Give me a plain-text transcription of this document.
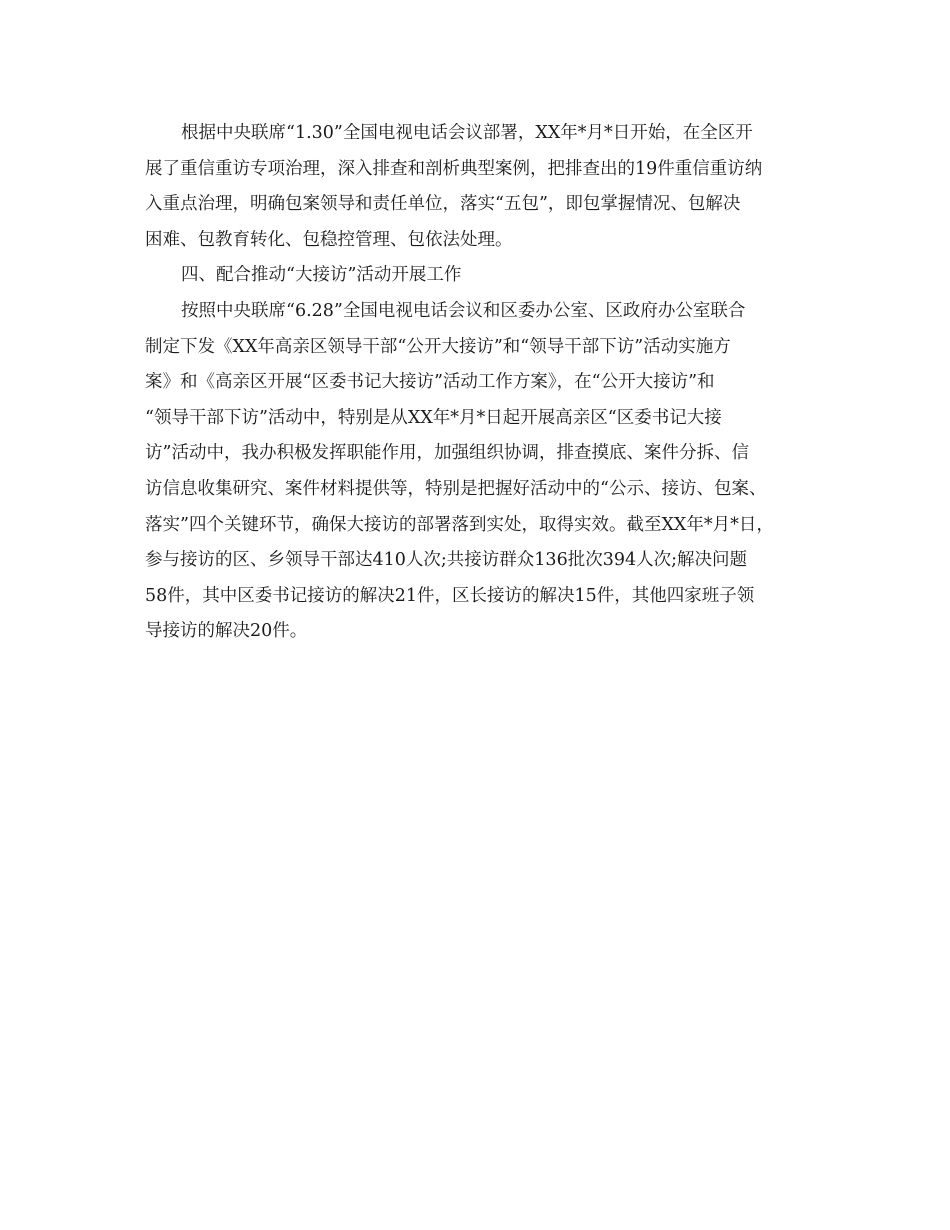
根据中央联席“1.30”全国电视电话会议部署，XX年*月*日开始，在全区开
展了重信重访专项治理，深入排查和剖析典型案例，把排查出的19件重信重访纳
入重点治理，明确包案领导和责任单位，落实“五包”，即包掌握情况、包解决
困难、包教育转化、包稳控管理、包依法处理。
四、配合推动“大接访”活动开展工作
按照中央联席“6.28”全国电视电话会议和区委办公室、区政府办公室联合
制定下发《XX年高亲区领导干部“公开大接访”和“领导干部下访”活动实施方
案》和《高亲区开展“区委书记大接访”活动工作方案》，在“公开大接访”和
“领导干部下访”活动中，特别是从XX年*月*日起开展高亲区“区委书记大接
访”活动中，我办积极发挥职能作用，加强组织协调，排查摸底、案件分拆、信
访信息收集研究、案件材料提供等，特别是把握好活动中的“公示、接访、包案、
落实”四个关键环节，确保大接访的部署落到实处，取得实效。截至XX年*月*日，
参与接访的区、乡领导干部达410人次;共接访群众136批次394人次;解决问题
58件，其中区委书记接访的解决21件，区长接访的解决15件，其他四家班子领
导接访的解决20件。
